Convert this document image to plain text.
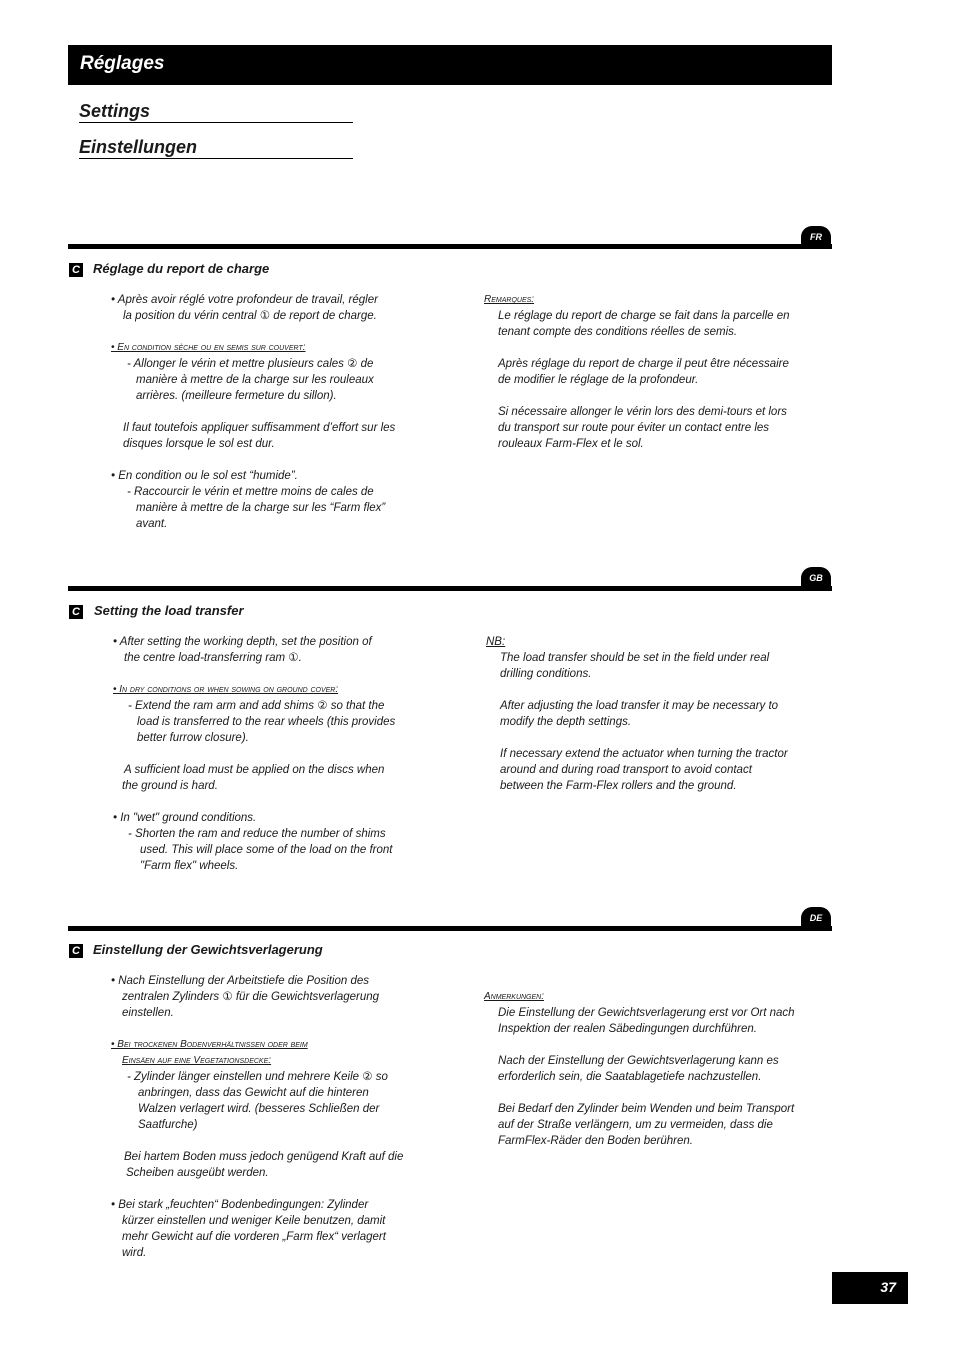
Réglages
Settings
Einstellungen
FR
C Réglage du report de charge

• Après avoir réglé votre profondeur de travail, régler

la position du vérin central ① de report de charge.

• En condition sèche ou en semis sur couvert:

- Allonger le vérin et mettre plusieurs cales ② de

manière à mettre de la charge sur les rouleaux

arrières. (meilleure fermeture du sillon).

Il faut toutefois appliquer suffisamment d’effort sur les

disques lorsque le sol est dur.

• En condition ou le sol est “humide”.

- Raccourcir le vérin et mettre moins de cales de

manière à mettre de la charge sur les “Farm flex”

avant.

Remarques:

Le réglage du report de charge se fait dans la parcelle en

tenant compte des conditions réelles de semis.

Après réglage du report de charge il peut être nécessaire

de modifier le réglage de la profondeur.

Si nécessaire allonger le vérin lors des demi-tours et lors

du transport sur route pour éviter un contact entre les

rouleaux Farm-Flex et le sol.

GB
C Setting the load transfer

• After setting the working depth, set the position of

the centre load-transferring ram ①.

• In dry conditions or when sowing on ground cover:

- Extend the ram arm and add shims ② so that the

load is transferred to the rear wheels (this provides

better furrow closure).

A sufficient load must be applied on the discs when

the ground is hard.

• In "wet" ground conditions.

- Shorten the ram and reduce the number of shims

used. This will place some of the load on the front

"Farm flex" wheels.

NB:

The load transfer should be set in the field under real

drilling conditions.

After adjusting the load transfer it may be necessary to

modify the depth settings.

If necessary extend the actuator when turning the tractor

around and during road transport to avoid contact

between the Farm-Flex rollers and the ground.

DE
C Einstellung der Gewichtsverlagerung

• Nach Einstellung der Arbeitstiefe die Position des

zentralen Zylinders ① für die Gewichtsverlagerung

einstellen.

• Bei trockenen Bodenverhältnissen oder beim

Einsäen auf eine Vegetationsdecke:

- Zylinder länger einstellen und mehrere Keile ② so

anbringen, dass das Gewicht auf die hinteren

Walzen verlagert wird. (besseres Schließen der

Saatfurche)

Bei hartem Boden muss jedoch genügend Kraft auf die

Scheiben ausgeübt werden.

• Bei stark „feuchten“ Bodenbedingungen: Zylinder

kürzer einstellen und weniger Keile benutzen, damit

mehr Gewicht auf die vorderen „Farm flex“ verlagert

wird.

Anmerkungen:

Die Einstellung der Gewichtsverlagerung erst vor Ort nach

Inspektion der realen Säbedingungen durchführen.

Nach der Einstellung der Gewichtsverlagerung kann es

erforderlich sein, die Saatablagetiefe nachzustellen.

Bei Bedarf den Zylinder beim Wenden und beim Transport

auf der Straße verlängern, um zu vermeiden, dass die

FarmFlex-Räder den Boden berühren.

37
